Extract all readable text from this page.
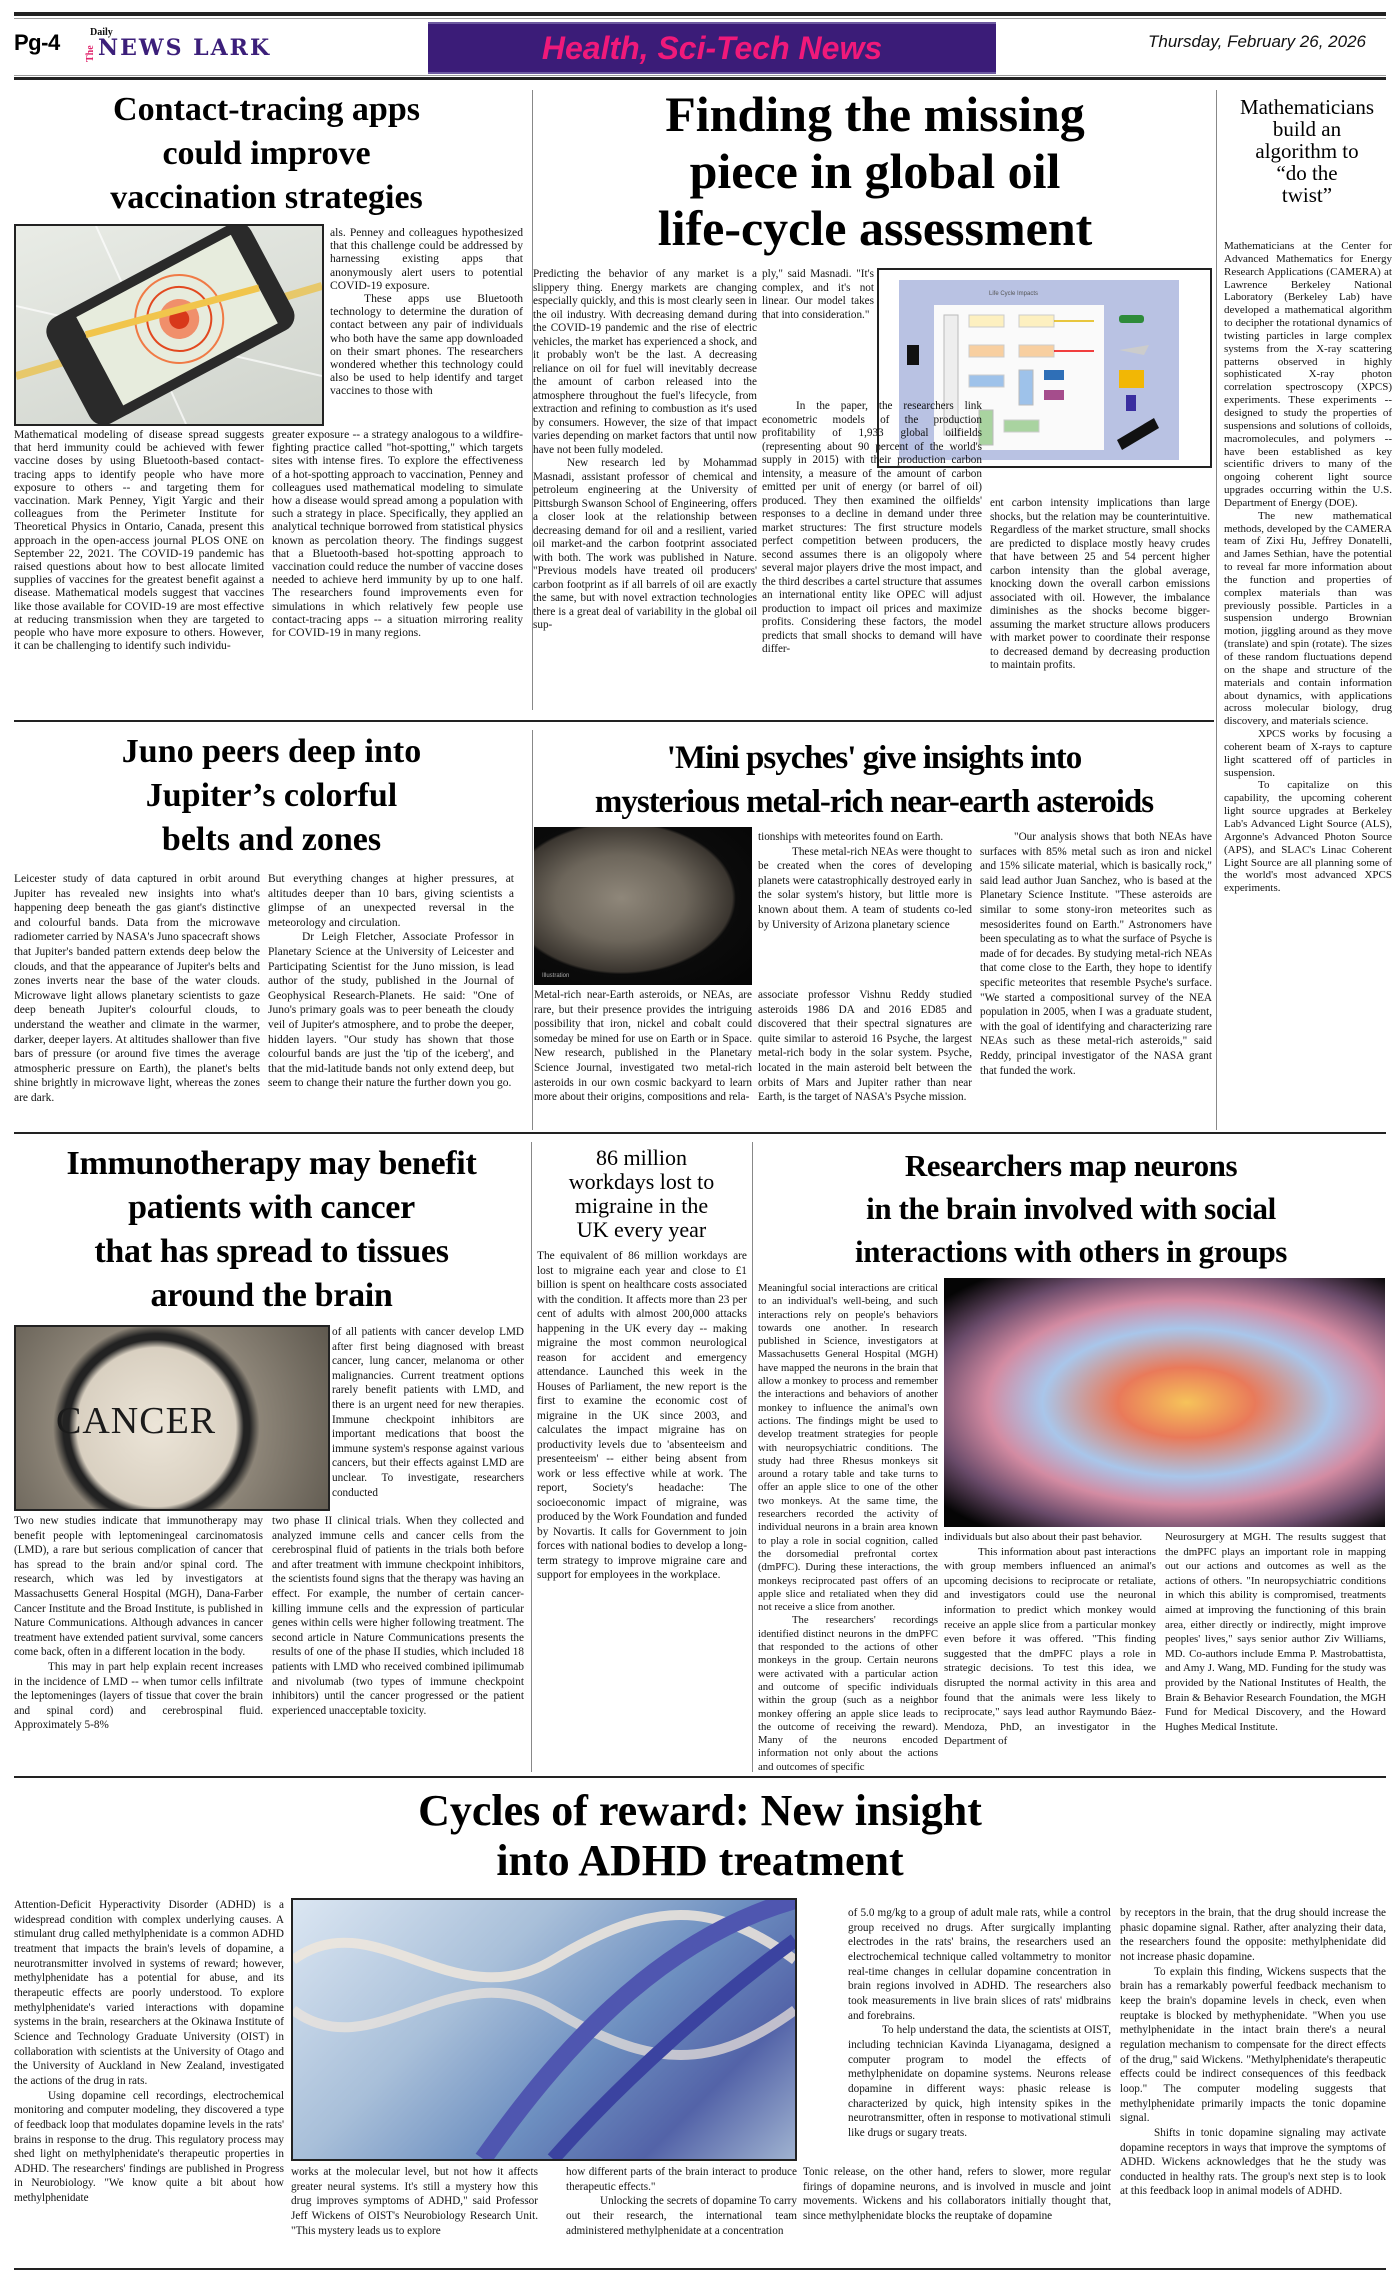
Pg-4	Daily
The NEWS LARK	Health, Sci-Tech News	Thursday, February 26, 2026
Contact-tracing apps
could improve
vaccination strategies

als. Penney and colleagues hypothesized that this challenge could be addressed by harnessing existing apps that anonymously alert users to potential COVID-19 exposure.

These apps use Bluetooth technology to determine the duration of contact between any pair of individuals who both have the same app downloaded on their smart phones. The researchers wondered whether this technology could also be used to help identify and target vaccines to those with

Mathematical modeling of disease spread suggests that herd immunity could be achieved with fewer vaccine doses by using Bluetooth-based contact-tracing apps to identify people who have more exposure to others -- and targeting them for vaccination. Mark Penney, Yigit Yargic and their colleagues from the Perimeter Institute for Theoretical Physics in Ontario, Canada, present this approach in the open-access journal PLOS ONE on September 22, 2021. The COVID-19 pandemic has raised questions about how to best allocate limited supplies of vaccines for the greatest benefit against a disease. Mathematical models suggest that vaccines like those available for COVID-19 are most effective at reducing transmission when they are targeted to people who have more exposure to others. However, it can be challenging to identify such individu-

greater exposure -- a strategy analogous to a wildfire-fighting practice called "hot-spotting," which targets sites with intense fires. To explore the effectiveness of a hot-spotting approach to vaccination, Penney and colleagues used mathematical modeling to simulate how a disease would spread among a population with such a strategy in place. Specifically, they applied an analytical technique borrowed from statistical physics known as percolation theory. The findings suggest that a Bluetooth-based hot-spotting approach to vaccination could reduce the number of vaccine doses needed to achieve herd immunity by up to one half. The researchers found improvements even for simulations in which relatively few people use contact-tracing apps -- a situation mirroring reality for COVID-19 in many regions.

Finding the missing
piece in global oil
life-cycle assessment
Life Cycle Impacts

Predicting the behavior of any market is a slippery thing. Energy markets are changing especially quickly, and this is most clearly seen in the oil industry. With decreasing demand during the COVID-19 pandemic and the rise of electric vehicles, the market has experienced a shock, and it probably won't be the last. A decreasing reliance on oil for fuel will inevitably decrease the amount of carbon released into the atmosphere throughout the fuel's lifecycle, from extraction and refining to combustion as it's used by consumers. However, the size of that impact varies depending on market factors that until now have not been fully modeled.

New research led by Mohammad Masnadi, assistant professor of chemical and petroleum engineering at the University of Pittsburgh Swanson School of Engineering, offers a closer look at the relationship between decreasing demand for oil and a resilient, varied oil market-and the carbon footprint associated with both. The work was published in Nature. "Previous models have treated oil producers' carbon footprint as if all barrels of oil are exactly the same, but with novel extraction technologies there is a great deal of variability in the global oil sup-

ply," said Masnadi. "It's complex, and it's not linear. Our model takes that into consideration."

In the paper, the researchers link econometric models of the production profitability of 1,933 global oilfields (representing about 90 percent of the world's supply in 2015) with their production carbon intensity, a measure of the amount of carbon emitted per unit of energy (or barrel of oil) produced. They then examined the oilfields' responses to a decline in demand under three market structures: The first structure models perfect competition between producers, the second assumes there is an oligopoly where several major players drive the most impact, and the third describes a cartel structure that assumes an international entity like OPEC will adjust production to impact oil prices and maximize profits. Considering these factors, the model predicts that small shocks to demand will have differ-

ent carbon intensity implications than large shocks, but the relation may be counterintuitive. Regardless of the market structure, small shocks are predicted to displace mostly heavy crudes that have between 25 and 54 percent higher carbon intensity than the global average, knocking down the overall carbon emissions associated with oil. However, the imbalance diminishes as the shocks become bigger-assuming the market structure allows producers with market power to coordinate their response to decreased demand by decreasing production to maintain profits.

Mathematicians
build an
algorithm to
“do the
twist”

Mathematicians at the Center for Advanced Mathematics for Energy Research Applications (CAMERA) at Lawrence Berkeley National Laboratory (Berkeley Lab) have developed a mathematical algorithm to decipher the rotational dynamics of twisting particles in large complex systems from the X-ray scattering patterns observed in highly sophisticated X-ray photon correlation spectroscopy (XPCS) experiments. These experiments -- designed to study the properties of suspensions and solutions of colloids, macromolecules, and polymers -- have been established as key scientific drivers to many of the ongoing coherent light source upgrades occurring within the U.S. Department of Energy (DOE).

The new mathematical methods, developed by the CAMERA team of Zixi Hu, Jeffrey Donatelli, and James Sethian, have the potential to reveal far more information about the function and properties of complex materials than was previously possible. Particles in a suspension undergo Brownian motion, jiggling around as they move (translate) and spin (rotate). The sizes of these random fluctuations depend on the shape and structure of the materials and contain information about dynamics, with applications across molecular biology, drug discovery, and materials science.

XPCS works by focusing a coherent beam of X-rays to capture light scattered off of particles in suspension.

To capitalize on this capability, the upcoming coherent light source upgrades at Berkeley Lab's Advanced Light Source (ALS), Argonne's Advanced Photon Source (APS), and SLAC's Linac Coherent Light Source are all planning some of the world's most advanced XPCS experiments.

Juno peers deep into
Jupiter’s colorful
belts and zones

Leicester study of data captured in orbit around Jupiter has revealed new insights into what's happening deep beneath the gas giant's distinctive and colourful bands. Data from the microwave radiometer carried by NASA's Juno spacecraft shows that Jupiter's banded pattern extends deep below the clouds, and that the appearance of Jupiter's belts and zones inverts near the base of the water clouds. Microwave light allows planetary scientists to gaze deep beneath Jupiter's colourful clouds, to understand the weather and climate in the warmer, darker, deeper layers. At altitudes shallower than five bars of pressure (or around five times the average atmospheric pressure on Earth), the planet's belts shine brightly in microwave light, whereas the zones are dark.

But everything changes at higher pressures, at altitudes deeper than 10 bars, giving scientists a glimpse of an unexpected reversal in the meteorology and circulation.

Dr Leigh Fletcher, Associate Professor in Planetary Science at the University of Leicester and Participating Scientist for the Juno mission, is lead author of the study, published in the Journal of Geophysical Research-Planets. He said: "One of Juno's primary goals was to peer beneath the cloudy veil of Jupiter's atmosphere, and to probe the deeper, hidden layers. "Our study has shown that those colourful bands are just the 'tip of the iceberg', and that the mid-latitude bands not only extend deep, but seem to change their nature the further down you go.

'Mini psyches' give insights into
mysterious metal-rich near-earth asteroids
Illustration

tionships with meteorites found on Earth.

These metal-rich NEAs were thought to be created when the cores of developing planets were catastrophically destroyed early in the solar system's history, but little more is known about them. A team of students co-led by University of Arizona planetary science

Metal-rich near-Earth asteroids, or NEAs, are rare, but their presence provides the intriguing possibility that iron, nickel and cobalt could someday be mined for use on Earth or in Space. New research, published in the Planetary Science Journal, investigated two metal-rich asteroids in our own cosmic backyard to learn more about their origins, compositions and rela-

associate professor Vishnu Reddy studied asteroids 1986 DA and 2016 ED85 and discovered that their spectral signatures are quite similar to asteroid 16 Psyche, the largest metal-rich body in the solar system. Psyche, located in the main asteroid belt between the orbits of Mars and Jupiter rather than near Earth, is the target of NASA's Psyche mission.

"Our analysis shows that both NEAs have surfaces with 85% metal such as iron and nickel and 15% silicate material, which is basically rock," said lead author Juan Sanchez, who is based at the Planetary Science Institute. "These asteroids are similar to some stony-iron meteorites such as mesosiderites found on Earth." Astronomers have been speculating as to what the surface of Psyche is made of for decades. By studying metal-rich NEAs that come close to the Earth, they hope to identify specific meteorites that resemble Psyche's surface. "We started a compositional survey of the NEA population in 2005, when I was a graduate student, with the goal of identifying and characterizing rare NEAs such as these metal-rich asteroids," said Reddy, principal investigator of the NASA grant that funded the work.

Immunotherapy may benefit
patients with cancer
that has spread to tissues
around the brain
CANCER

of all patients with cancer develop LMD after first being diagnosed with breast cancer, lung cancer, melanoma or other malignancies. Current treatment options rarely benefit patients with LMD, and there is an urgent need for new therapies. Immune checkpoint inhibitors are important medications that boost the immune system's response against various cancers, but their effects against LMD are unclear. To investigate, researchers conducted

Two new studies indicate that immunotherapy may benefit people with leptomeningeal carcinomatosis (LMD), a rare but serious complication of cancer that has spread to the brain and/or spinal cord. The research, which was led by investigators at Massachusetts General Hospital (MGH), Dana-Farber Cancer Institute and the Broad Institute, is published in Nature Communications. Although advances in cancer treatment have extended patient survival, some cancers come back, often in a different location in the body.

This may in part help explain recent increases in the incidence of LMD -- when tumor cells infiltrate the leptomeninges (layers of tissue that cover the brain and spinal cord) and cerebrospinal fluid. Approximately 5-8%

two phase II clinical trials. When they collected and analyzed immune cells and cancer cells from the cerebrospinal fluid of patients in the trials both before and after treatment with immune checkpoint inhibitors, the scientists found signs that the therapy was having an effect. For example, the number of certain cancer-killing immune cells and the expression of particular genes within cells were higher following treatment. The second article in Nature Communications presents the results of one of the phase II studies, which included 18 patients with LMD who received combined ipilimumab and nivolumab (two types of immune checkpoint inhibitors) until the cancer progressed or the patient experienced unacceptable toxicity.

86 million
workdays lost to
migraine in the
UK every year

The equivalent of 86 million workdays are lost to migraine each year and close to £1 billion is spent on healthcare costs associated with the condition. It affects more than 23 per cent of adults with almost 200,000 attacks happening in the UK every day -- making migraine the most common neurological reason for accident and emergency attendance. Launched this week in the Houses of Parliament, the new report is the first to examine the economic cost of migraine in the UK since 2003, and calculates the impact migraine has on productivity levels due to 'absenteeism and presenteeism' -- either being absent from work or less effective while at work. The report, Society's headache: The socioeconomic impact of migraine, was produced by the Work Foundation and funded by Novartis. It calls for Government to join forces with national bodies to develop a long-term strategy to improve migraine care and support for employees in the workplace.

Researchers map neurons
in the brain involved with social
interactions with others in groups

Meaningful social interactions are critical to an individual's well-being, and such interactions rely on people's behaviors towards one another. In research published in Science, investigators at Massachusetts General Hospital (MGH) have mapped the neurons in the brain that allow a monkey to process and remember the interactions and behaviors of another monkey to influence the animal's own actions. The findings might be used to develop treatment strategies for people with neuropsychiatric conditions. The study had three Rhesus monkeys sit around a rotary table and take turns to offer an apple slice to one of the other two monkeys. At the same time, the researchers recorded the activity of individual neurons in a brain area known to play a role in social cognition, called the dorsomedial prefrontal cortex (dmPFC). During these interactions, the monkeys reciprocated past offers of an apple slice and retaliated when they did not receive a slice from another.

The researchers' recordings identified distinct neurons in the dmPFC that responded to the actions of other monkeys in the group. Certain neurons were activated with a particular action and outcome of specific individuals within the group (such as a neighbor monkey offering an apple slice leads to the outcome of receiving the reward). Many of the neurons encoded information not only about the actions and outcomes of specific

individuals but also about their past behavior.

This information about past interactions with group members influenced an animal's upcoming decisions to reciprocate or retaliate, and investigators could use the neuronal information to predict which monkey would receive an apple slice from a particular monkey even before it was offered. "This finding suggested that the dmPFC plays a role in strategic decisions. To test this idea, we disrupted the normal activity in this area and found that the animals were less likely to reciprocate," says lead author Raymundo Báez-Mendoza, PhD, an investigator in the Department of

Neurosurgery at MGH. The results suggest that the dmPFC plays an important role in mapping out our actions and outcomes as well as the actions of others. "In neuropsychiatric conditions in which this ability is compromised, treatments aimed at improving the functioning of this brain area, either directly or indirectly, might improve peoples' lives," says senior author Ziv Williams, MD. Co-authors include Emma P. Mastrobattista, and Amy J. Wang, MD. Funding for the study was provided by the National Institutes of Health, the Brain & Behavior Research Foundation, the MGH Fund for Medical Discovery, and the Howard Hughes Medical Institute.

Cycles of reward: New insight
into ADHD treatment

Attention-Deficit Hyperactivity Disorder (ADHD) is a widespread condition with complex underlying causes. A stimulant drug called methylphenidate is a common ADHD treatment that impacts the brain's levels of dopamine, a neurotransmitter involved in systems of reward; however, methylphenidate has a potential for abuse, and its therapeutic effects are poorly understood. To explore methylphenidate's varied interactions with dopamine systems in the brain, researchers at the Okinawa Institute of Science and Technology Graduate University (OIST) in collaboration with scientists at the University of Otago and the University of Auckland in New Zealand, investigated the actions of the drug in rats.

Using dopamine cell recordings, electrochemical monitoring and computer modeling, they discovered a type of feedback loop that modulates dopamine levels in the rats' brains in response to the drug. This regulatory process may shed light on methylphenidate's therapeutic properties in ADHD. The researchers' findings are published in Progress in Neurobiology. "We know quite a bit about how methylphenidate

works at the molecular level, but not how it affects greater neural systems. It's still a mystery how this drug improves symptoms of ADHD," said Professor Jeff Wickens of OIST's Neurobiology Research Unit. "This mystery leads us to explore

how different parts of the brain interact to produce therapeutic effects."

Unlocking the secrets of dopamine To carry out their research, the international team administered methylphenidate at a concentration

of 5.0 mg/kg to a group of adult male rats, while a control group received no drugs. After surgically implanting electrodes in the rats' brains, the researchers used an electrochemical technique called voltammetry to monitor real-time changes in cellular dopamine concentration in brain regions involved in ADHD. The researchers also took measurements in live brain slices of rats' midbrains and forebrains.

To help understand the data, the scientists at OIST, including technician Kavinda Liyanagama, designed a computer program to model the effects of methylphenidate on dopamine systems. Neurons release dopamine in different ways: phasic release is characterized by quick, high intensity spikes in the neurotransmitter, often in response to motivational stimuli like drugs or sugary treats.

Tonic release, on the other hand, refers to slower, more regular firings of dopamine neurons, and is involved in muscle and joint movements. Wickens and his collaborators initially thought that, since methylphenidate blocks the reuptake of dopamine

by receptors in the brain, that the drug should increase the phasic dopamine signal. Rather, after analyzing their data, the researchers found the opposite: methylphenidate did not increase phasic dopamine.

To explain this finding, Wickens suspects that the brain has a remarkably powerful feedback mechanism to keep the brain's dopamine levels in check, even when reuptake is blocked by methyphenidate. "When you use methylphenidate in the intact brain there's a neural regulation mechanism to compensate for the direct effects of the drug," said Wickens. "Methylphenidate's therapeutic effects could be indirect consequences of this feedback loop." The computer modeling suggests that methylphenidate primarily impacts the tonic dopamine signal.

Shifts in tonic dopamine signaling may activate dopamine receptors in ways that improve the symptoms of ADHD. Wickens acknowledges that he the study was conducted in healthy rats. The group's next step is to look at this feedback loop in animal models of ADHD.
